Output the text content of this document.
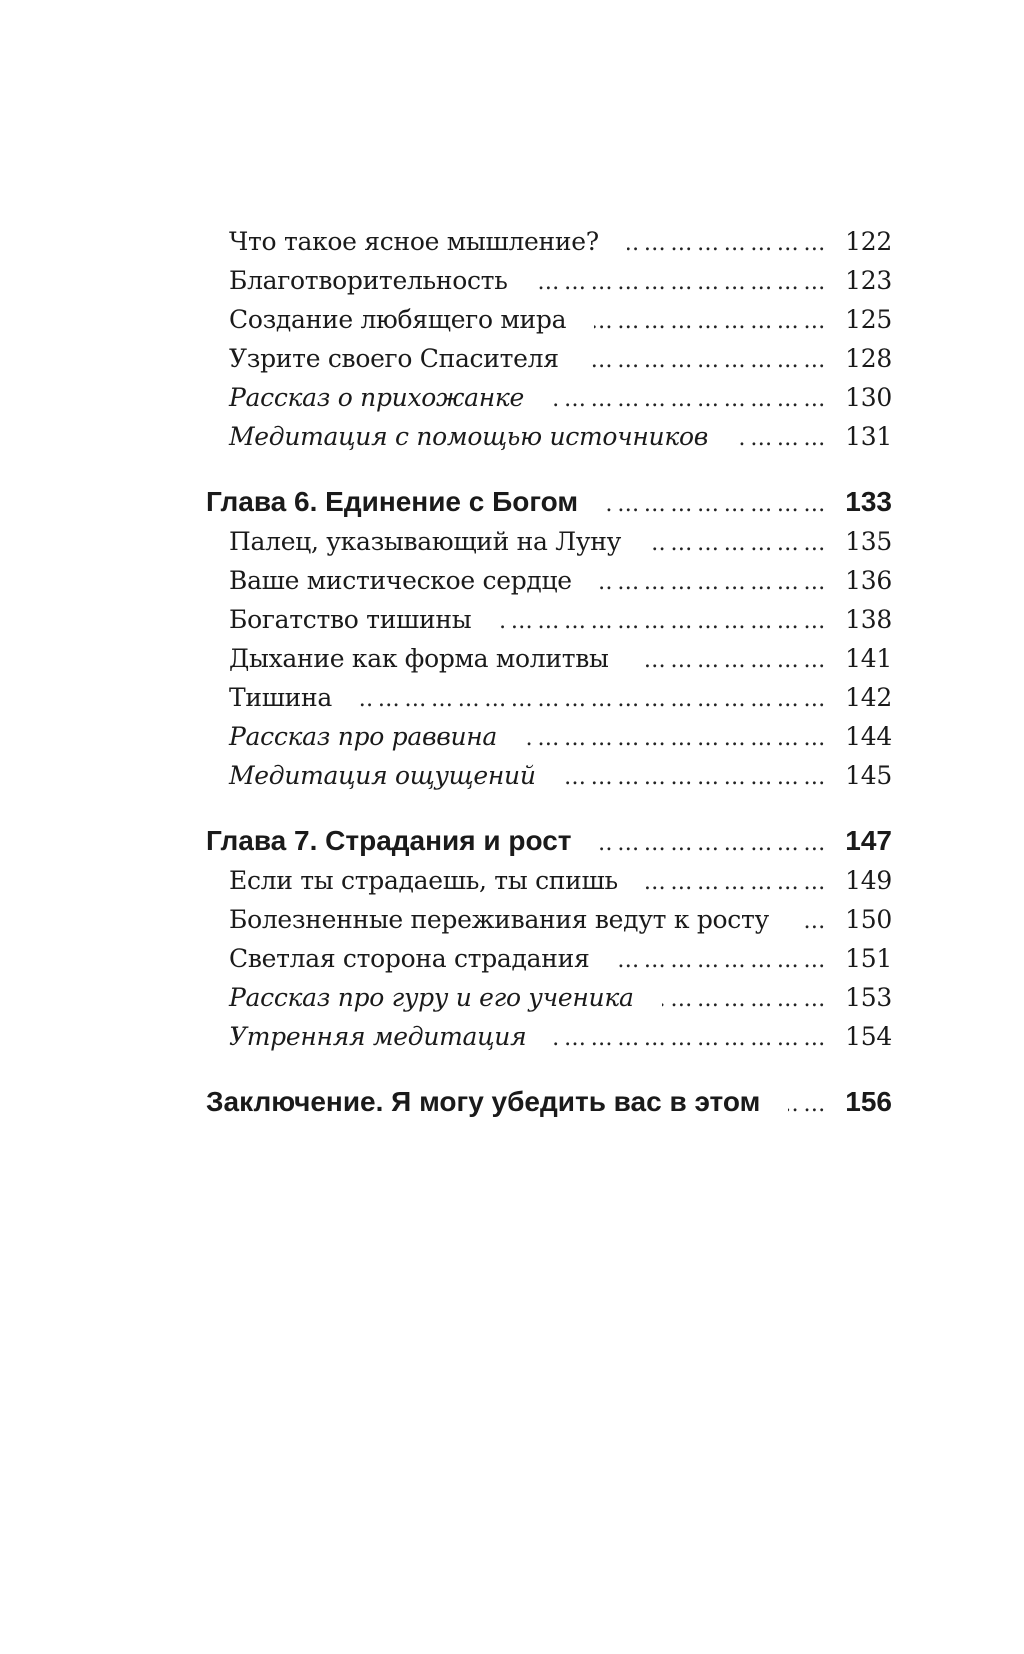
Что такое ясное мышление? ………………………………………………………………………………	122
Благотворительность ………………………………………………………………………………	123
Создание любящего мира ………………………………………………………………………………	125
Узрите своего Спасителя ………………………………………………………………………………	128
Рассказ о прихожанке ………………………………………………………………………………	130
Медитация с помощью источников ………………………………………………………………………………	131
Глава 6. Единение с Богом ………………………………………………………………………………	133
Палец, указывающий на Луну ………………………………………………………………………………	135
Ваше мистическое сердце ………………………………………………………………………………	136
Богатство тишины ………………………………………………………………………………	138
Дыхание как форма молитвы ………………………………………………………………………………	141
Тишина ………………………………………………………………………………	142
Рассказ про раввина ………………………………………………………………………………	144
Медитация ощущений ………………………………………………………………………………	145
Глава 7. Страдания и рост ………………………………………………………………………………	147
Если ты страдаешь, ты спишь ………………………………………………………………………………	149
Болезненные переживания ведут к росту ………………………………………………………………………………	150
Светлая сторона страдания ………………………………………………………………………………	151
Рассказ про гуру и его ученика ………………………………………………………………………………	153
Утренняя медитация ………………………………………………………………………………	154
Заключение. Я могу убедить вас в этом ………………………………………………………………………………	156
